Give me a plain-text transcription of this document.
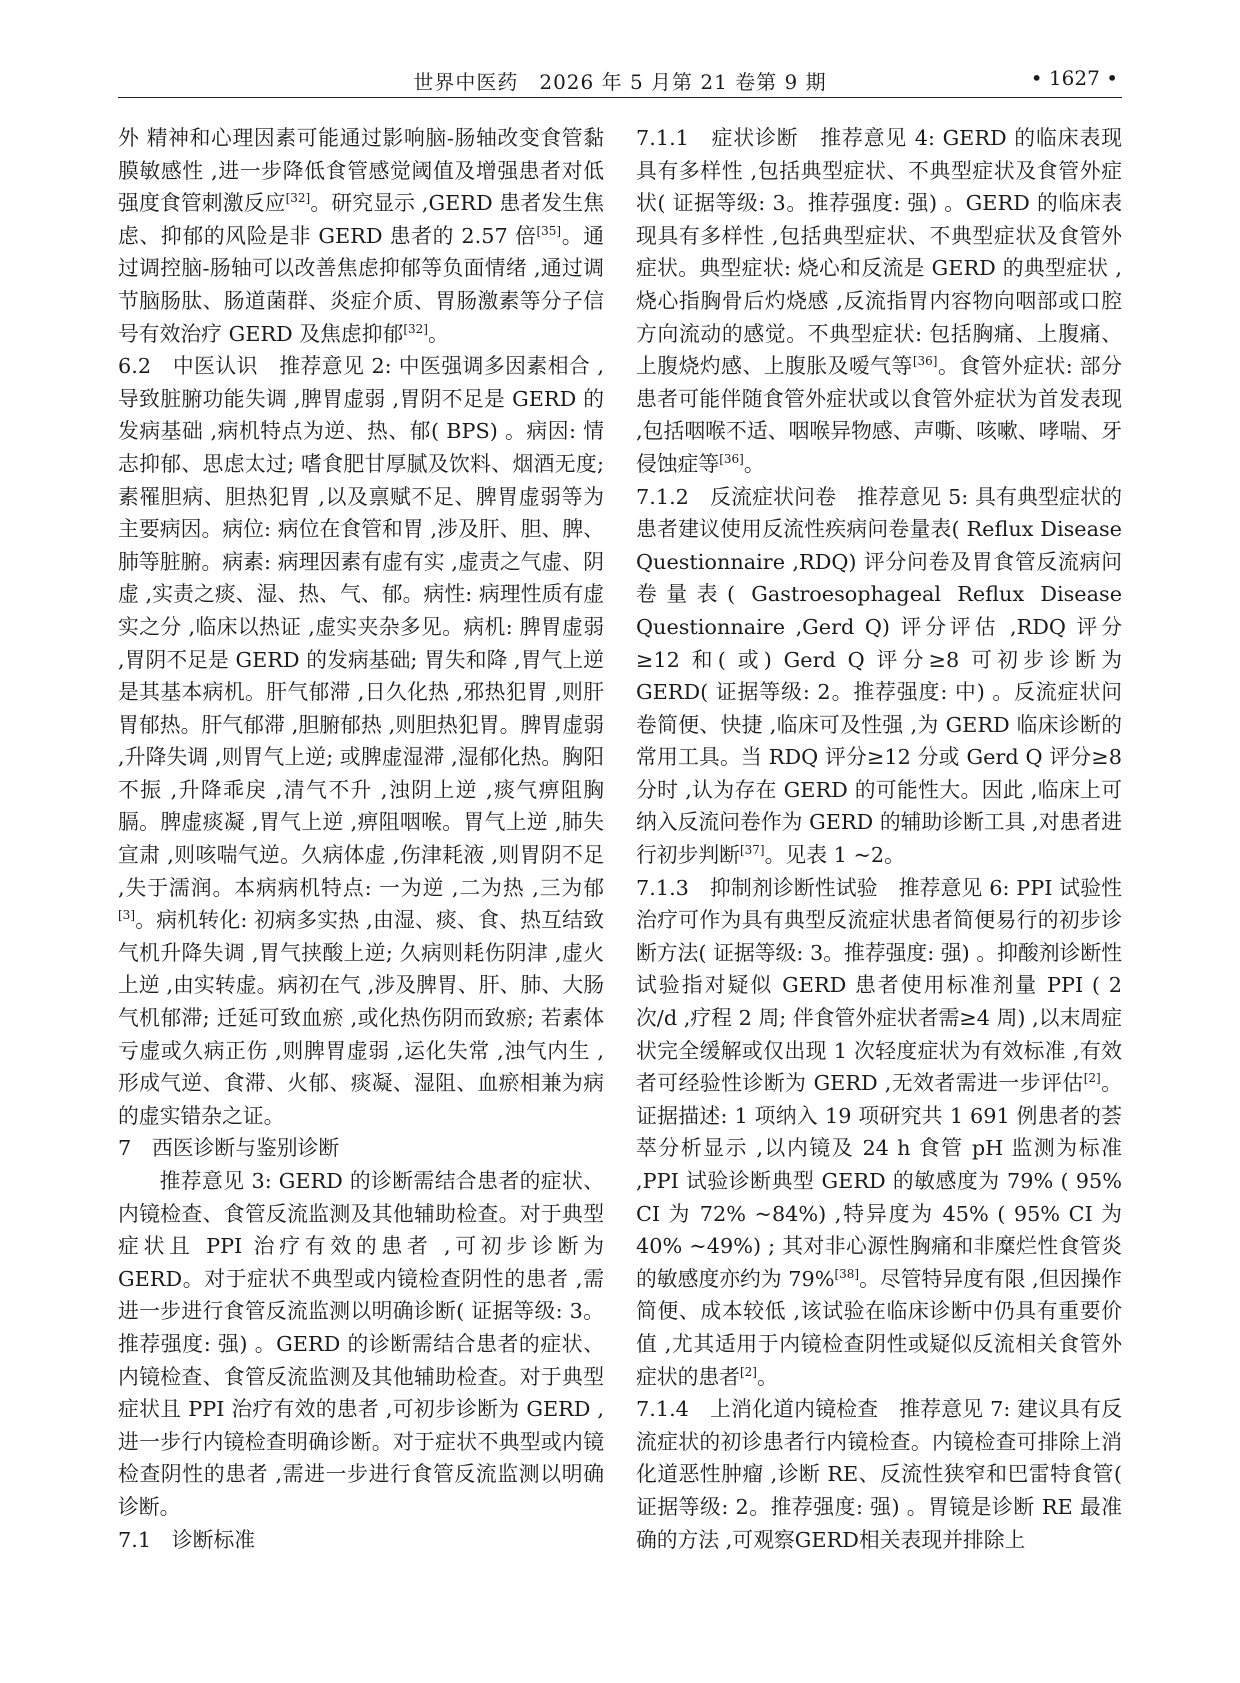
世界中医药　2026 年 5 月第 21 卷第 9 期	• 1627 •

外 精神和心理因素可能通过影响脑-肠轴改变食管黏膜敏感性 ,进一步降低食管感觉阈值及增强患者对低强度食管刺激反应[32]。研究显示 ,GERD 患者发生焦虑、抑郁的风险是非 GERD 患者的 2.57 倍[35]。通过调控脑-肠轴可以改善焦虑抑郁等负面情绪 ,通过调节脑肠肽、肠道菌群、炎症介质、胃肠激素等分子信号有效治疗 GERD 及焦虑抑郁[32]。

6.2　中医认识　推荐意见 2: 中医强调多因素相合 ,导致脏腑功能失调 ,脾胃虚弱 ,胃阴不足是 GERD 的发病基础 ,病机特点为逆、热、郁( BPS) 。病因: 情志抑郁、思虑太过; 嗜食肥甘厚腻及饮料、烟酒无度; 素罹胆病、胆热犯胃 ,以及禀赋不足、脾胃虚弱等为主要病因。病位: 病位在食管和胃 ,涉及肝、胆、脾、肺等脏腑。病素: 病理因素有虚有实 ,虚责之气虚、阴虚 ,实责之痰、湿、热、气、郁。病性: 病理性质有虚实之分 ,临床以热证 ,虚实夹杂多见。病机: 脾胃虚弱 ,胃阴不足是 GERD 的发病基础; 胃失和降 ,胃气上逆是其基本病机。肝气郁滞 ,日久化热 ,邪热犯胃 ,则肝胃郁热。肝气郁滞 ,胆腑郁热 ,则胆热犯胃。脾胃虚弱 ,升降失调 ,则胃气上逆; 或脾虚湿滞 ,湿郁化热。胸阳不振 ,升降乖戾 ,清气不升 ,浊阴上逆 ,痰气痹阻胸膈。脾虚痰凝 ,胃气上逆 ,痹阻咽喉。胃气上逆 ,肺失宣肃 ,则咳喘气逆。久病体虚 ,伤津耗液 ,则胃阴不足 ,失于濡润。本病病机特点: 一为逆 ,二为热 ,三为郁[3]。病机转化: 初病多实热 ,由湿、痰、食、热互结致气机升降失调 ,胃气挟酸上逆; 久病则耗伤阴津 ,虚火上逆 ,由实转虚。病初在气 ,涉及脾胃、肝、肺、大肠气机郁滞; 迁延可致血瘀 ,或化热伤阴而致瘀; 若素体亏虚或久病正伤 ,则脾胃虚弱 ,运化失常 ,浊气内生 ,形成气逆、食滞、火郁、痰凝、湿阻、血瘀相兼为病的虚实错杂之证。

7　西医诊断与鉴别诊断

推荐意见 3: GERD 的诊断需结合患者的症状、内镜检查、食管反流监测及其他辅助检查。对于典型症状且 PPI 治疗有效的患者 ,可初步诊断为 GERD。对于症状不典型或内镜检查阴性的患者 ,需进一步进行食管反流监测以明确诊断( 证据等级: 3。推荐强度: 强) 。GERD 的诊断需结合患者的症状、内镜检查、食管反流监测及其他辅助检查。对于典型症状且 PPI 治疗有效的患者 ,可初步诊断为 GERD ,进一步行内镜检查明确诊断。对于症状不典型或内镜检查阴性的患者 ,需进一步进行食管反流监测以明确诊断。

7.1　诊断标准

7.1.1　症状诊断　推荐意见 4: GERD 的临床表现具有多样性 ,包括典型症状、不典型症状及食管外症状( 证据等级: 3。推荐强度: 强) 。GERD 的临床表现具有多样性 ,包括典型症状、不典型症状及食管外症状。典型症状: 烧心和反流是 GERD 的典型症状 ,烧心指胸骨后灼烧感 ,反流指胃内容物向咽部或口腔方向流动的感觉。不典型症状: 包括胸痛、上腹痛、上腹烧灼感、上腹胀及嗳气等[36]。食管外症状: 部分患者可能伴随食管外症状或以食管外症状为首发表现 ,包括咽喉不适、咽喉异物感、声嘶、咳嗽、哮喘、牙侵蚀症等[36]。

7.1.2　反流症状问卷　推荐意见 5: 具有典型症状的患者建议使用反流性疾病问卷量表( Reflux Disease Questionnaire ,RDQ) 评分问卷及胃食管反流病问卷量表( Gastroesophageal Reflux Disease Questionnaire ,Gerd Q) 评分评估 ,RDQ 评分≥12 和( 或) Gerd Q 评分≥8 可初步诊断为 GERD( 证据等级: 2。推荐强度: 中) 。反流症状问卷简便、快捷 ,临床可及性强 ,为 GERD 临床诊断的常用工具。当 RDQ 评分≥12 分或 Gerd Q 评分≥8 分时 ,认为存在 GERD 的可能性大。因此 ,临床上可纳入反流问卷作为 GERD 的辅助诊断工具 ,对患者进行初步判断[37]。见表 1 ~2。

7.1.3　抑制剂诊断性试验　推荐意见 6: PPI 试验性治疗可作为具有典型反流症状患者简便易行的初步诊断方法( 证据等级: 3。推荐强度: 强) 。抑酸剂诊断性试验指对疑似 GERD 患者使用标准剂量 PPI ( 2 次/d ,疗程 2 周; 伴食管外症状者需≥4 周) ,以末周症状完全缓解或仅出现 1 次轻度症状为有效标准 ,有效者可经验性诊断为 GERD ,无效者需进一步评估[2]。证据描述: 1 项纳入 19 项研究共 1 691 例患者的荟萃分析显示 ,以内镜及 24 h 食管 pH 监测为标准 ,PPI 试验诊断典型 GERD 的敏感度为 79% ( 95% CI 为 72% ~84%) ,特异度为 45% ( 95% CI 为 40% ~49%) ; 其对非心源性胸痛和非糜烂性食管炎的敏感度亦约为 79%[38]。尽管特异度有限 ,但因操作简便、成本较低 ,该试验在临床诊断中仍具有重要价值 ,尤其适用于内镜检查阴性或疑似反流相关食管外症状的患者[2]。

7.1.4　上消化道内镜检查　推荐意见 7: 建议具有反流症状的初诊患者行内镜检查。内镜检查可排除上消化道恶性肿瘤 ,诊断 RE、反流性狭窄和巴雷特食管( 证据等级: 2。推荐强度: 强) 。胃镜是诊断 RE 最准确的方法 ,可观察GERD相关表现并排除上
